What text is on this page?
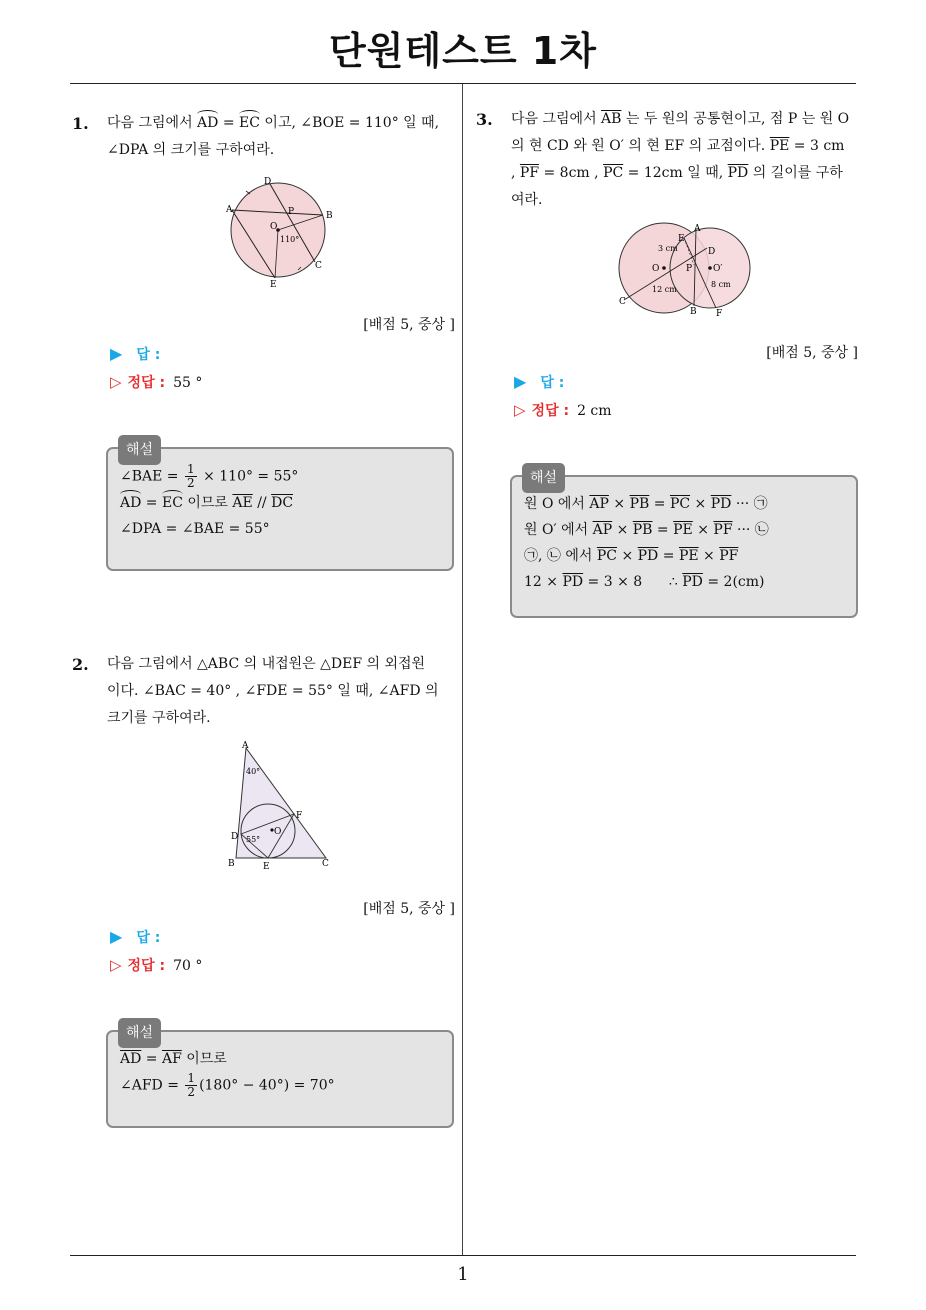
단원테스트 1차
1. 다음 그림에서 AD = EC 이고, ∠BOE = 110° 일 때,
∠DPA 의 크기를 구하여라.
D
A
B
C
E
P
O
110°
[배점 5, 중상 ]
▶ 답 :
▷ 정답 : 55 °
해설
∠BAE = $\frac{1}{2} \times 110^\circ = 55^\circ$
AD = EC 이므로 $\overline{AE} // \overline{DC}$
∠DPA = ∠BAE = 55°
2. 다음 그림에서 △ABC 의 내접원은 △DEF 의 외접원
이다. ∠BAC = 40° , ∠FDE = 55° 일 때, ∠AFD 의
크기를 구하여라.
A
40°
B	C
E
D 55°
F
O
[배점 5, 중상 ]
▶ 답 :
▷ 정답 : 70 °
해설
$\overline{AD} = \overline{AF}$ 이므로
∠AFD = $\frac{1}{2} (180^\circ - 40^\circ) = 70^\circ$
3. 다음 그림에서 $\overline{AB}$ 는 두 원의 공통현이고, 점 P 는 원 O
의 현 CD 와 원 O′ 의 현 EF 의 교점이다. $\overline{PE} = 3$ cm
, $\overline{PF} = 8cm$ , $\overline{PC} = 12cm$ 일 때, $\overline{PD}$ 의 길이를 구하
여라.
A
E
D
P
O	O′
3 cm
12 cm
8 cm
C
B F
[배점 5, 중상 ]
▶ 답 :
▷ 정답 : 2 cm
해설
원 O 에서 $\overline{AP} \times \overline{PB} = \overline{PC} \times \overline{PD}$ ··· ㉠
원 O′ 에서 $\overline{AP} \times \overline{PB} = \overline{PE} \times \overline{PF}$ ··· ㉡
㉠, ㉡ 에서 $\overline{PC} \times \overline{PD} = \overline{PE} \times \overline{PF}$
$12 \times \overline{PD} = 3 \times 8$      ∴ $\overline{PD} = 2(cm)$
1
